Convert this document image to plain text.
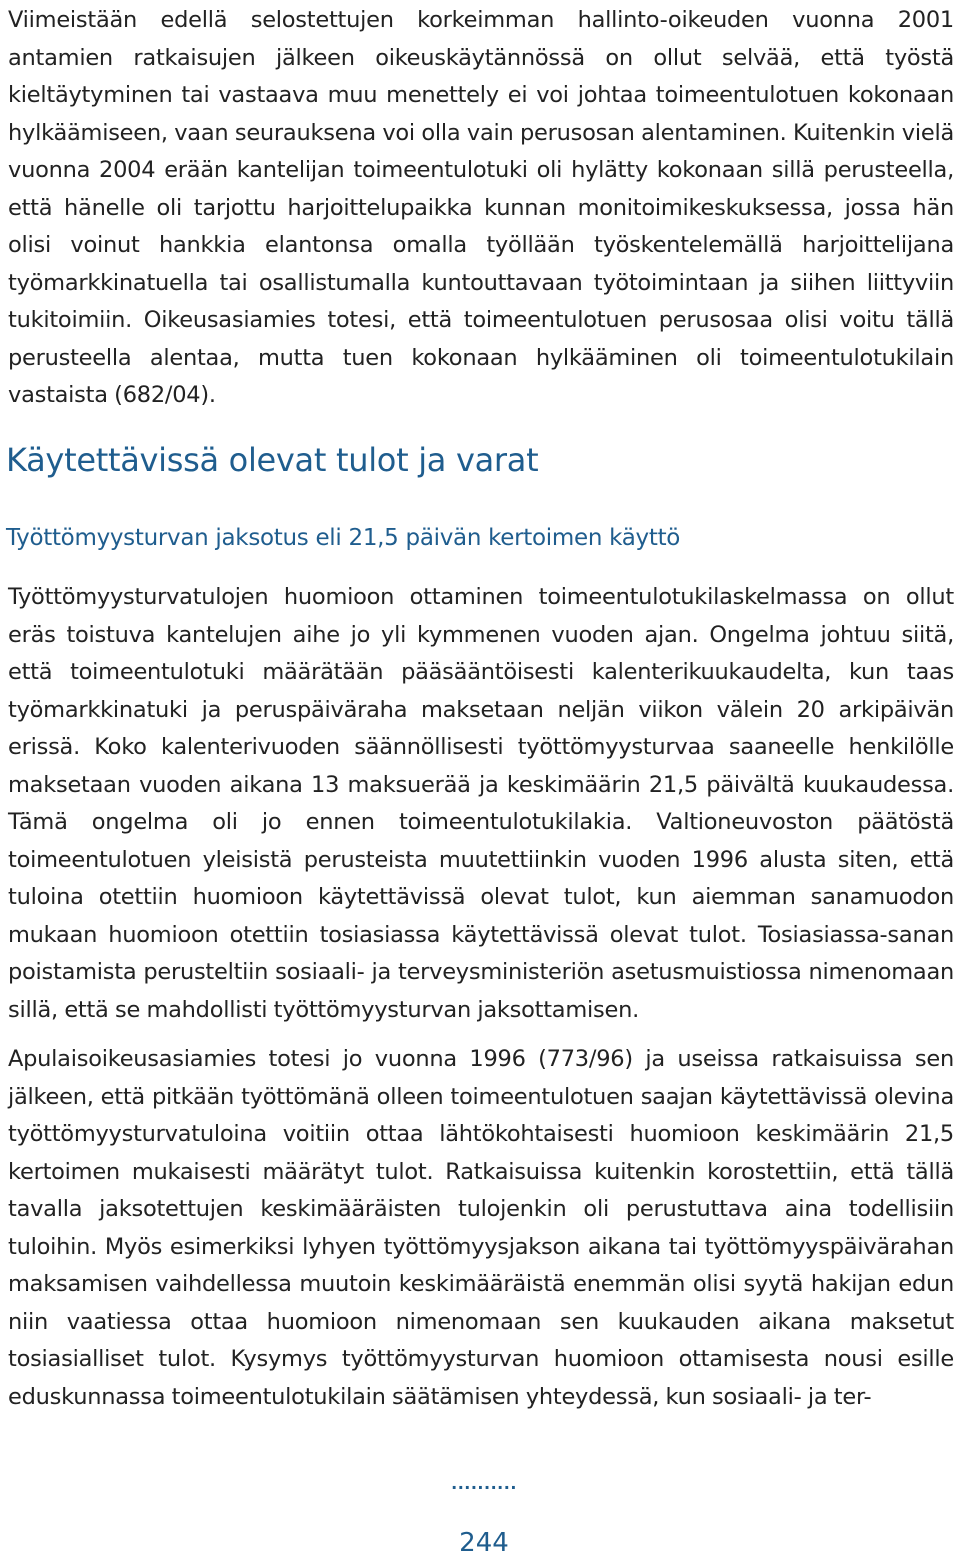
Viimeistään edellä selostettujen korkeimman hallinto-oikeuden vuonna 2001 antamien ratkaisujen jälkeen oikeuskäytännössä on ollut selvää, että työstä kieltäytyminen tai vastaava muu menettely ei voi johtaa toimeentulotuen kokonaan hylkäämiseen, vaan seurauksena voi olla vain perusosan alentaminen. Kuitenkin vielä vuonna 2004 erään kantelijan toimeentulotuki oli hylätty kokonaan sillä perusteella, että hänelle oli tarjottu harjoittelupaikka kunnan monitoimikeskuksessa, jossa hän olisi voinut hankkia elantonsa omalla työllään työskentelemällä harjoittelijana työmarkkinatuella tai osallistumalla kuntouttavaan työtoimintaan ja siihen liittyviin tukitoimiin. Oikeusasiamies totesi, että toimeentulotuen perusosaa olisi voitu tällä perusteella alentaa, mutta tuen kokonaan hylkääminen oli toimeentulotukilain vastaista (682/04).

Käytettävissä olevat tulot ja varat
Työttömyysturvan jaksotus eli 21,5 päivän kertoimen käyttö

Työttömyysturvatulojen huomioon ottaminen toimeentulotukilaskelmassa on ollut eräs toistuva kantelujen aihe jo yli kymmenen vuoden ajan. Ongelma johtuu siitä, että toimeentulotuki määrätään pääsääntöisesti kalenterikuukaudelta, kun taas työmarkkinatuki ja peruspäiväraha maksetaan neljän viikon välein 20 arkipäivän erissä. Koko kalenterivuoden säännöllisesti työttömyysturvaa saaneelle henkilölle maksetaan vuoden aikana 13 maksuerää ja keskimäärin 21,5 päivältä kuukaudessa. Tämä ongelma oli jo ennen toimeentulotukilakia. Valtioneuvoston päätöstä toimeentulotuen yleisistä perusteista muutettiinkin vuoden 1996 alusta siten, että tuloina otettiin huomioon käytettävissä olevat tulot, kun aiemman sanamuodon mukaan huomioon otettiin tosiasiassa käytettävissä olevat tulot. Tosiasiassa-sanan poistamista perusteltiin sosiaali- ja terveysministeriön asetusmuistiossa nimenomaan sillä, että se mahdollisti työttömyysturvan jaksottamisen.

Apulaisoikeusasiamies totesi jo vuonna 1996 (773/96) ja useissa ratkaisuissa sen jälkeen, että pitkään työttömänä olleen toimeentulotuen saajan käytettävissä olevina työttömyysturvatuloina voitiin ottaa lähtökohtaisesti huomioon keskimäärin 21,5 kertoimen mukaisesti määrätyt tulot. Ratkaisuissa kuitenkin korostettiin, että tällä tavalla jaksotettujen keskimääräisten tulojenkin oli perustuttava aina todellisiin tuloihin. Myös esimerkiksi lyhyen työttömyysjakson aikana tai työttömyyspäivärahan maksamisen vaihdellessa muutoin keskimääräistä enemmän olisi syytä hakijan edun niin vaatiessa ottaa huomioon nimenomaan sen kuukauden aikana maksetut tosiasialliset tulot. Kysymys työttömyysturvan huomioon ottamisesta nousi esille eduskunnassa toimeentulotukilain säätämisen yhteydessä, kun sosiaali- ja ter-

..........
244
